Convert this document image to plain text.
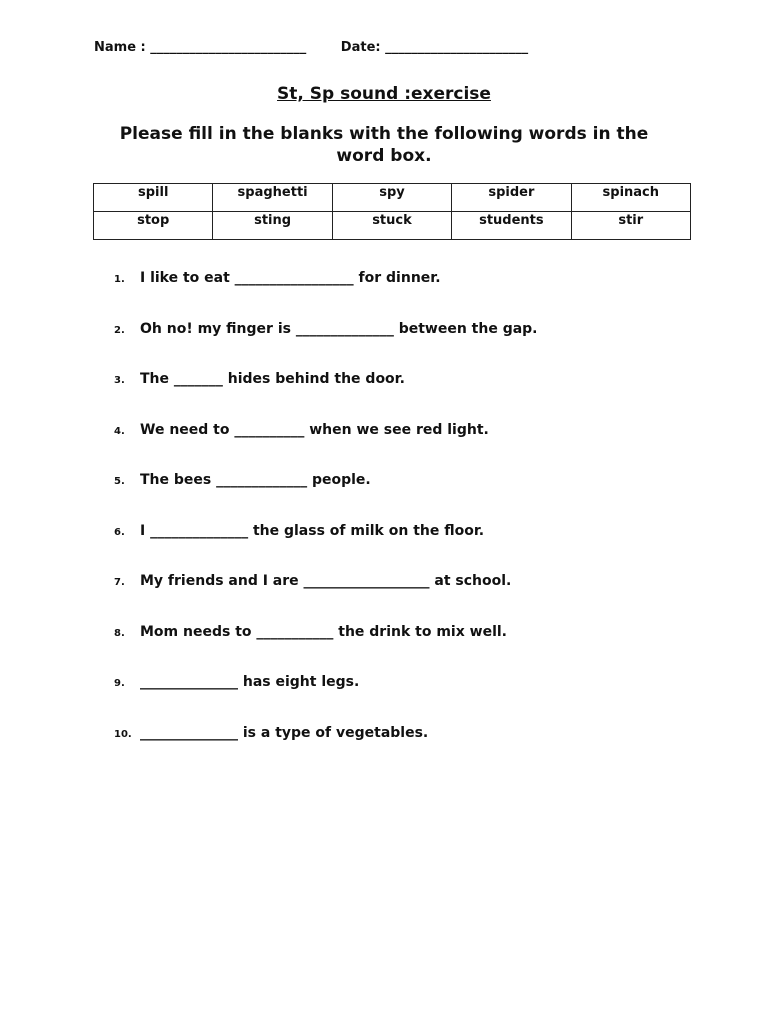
Name : ________________________	Date: ______________________
St, Sp sound :exercise
Please fill in the blanks with the following words in the word box.
spill	spaghetti	spy	spider	spinach
stop	sting	stuck	students	stir
1.	I like to eat _________________ for dinner.
2.	Oh no! my finger is ______________ between the gap.
3.	The _______ hides behind the door.
4.	We need to __________ when we see red light.
5.	The bees _____________ people.
6.	I ______________ the glass of milk on the floor.
7.	My friends and I are __________________ at school.
8.	Mom needs to ___________ the drink to mix well.
9.	______________ has eight legs.
10. ______________ is a type of vegetables.
